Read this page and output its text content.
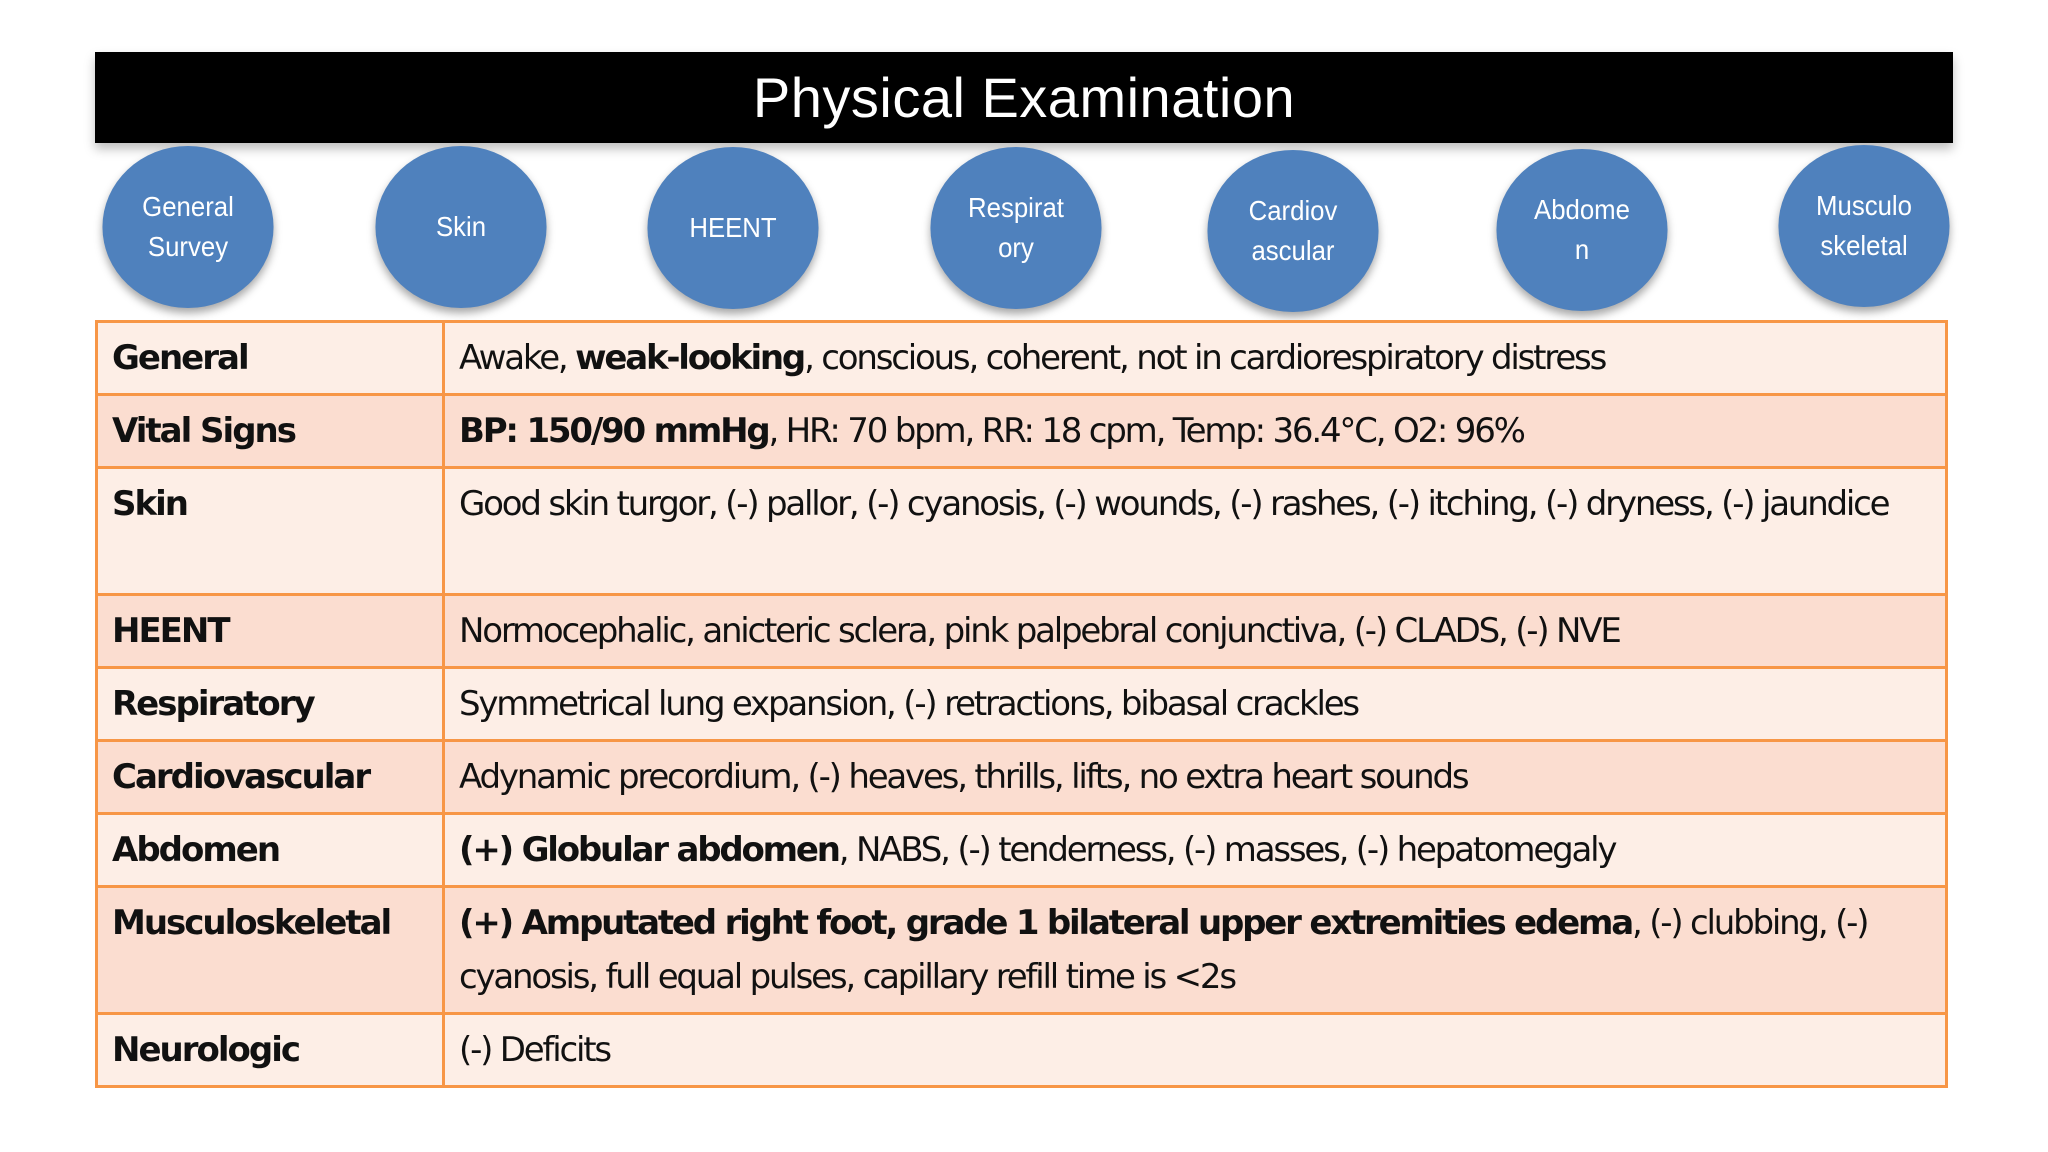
Physical Examination
General
Survey
Skin	HEENT
Respirat
ory
Cardiov
ascular
Abdome
n
Musculo
skeletal
General	Awake, weak-looking, conscious, coherent, not in cardiorespiratory distress
Vital Signs	BP: 150/90 mmHg, HR: 70 bpm, RR: 18 cpm, Temp: 36.4°C, O2: 96%
Skin	Good skin turgor, (-) pallor, (-) cyanosis, (-) wounds, (-) rashes, (-) itching, (-) dryness, (-) jaundice
HEENT	Normocephalic, anicteric sclera, pink palpebral conjunctiva, (-) CLADS, (-) NVE
Respiratory	Symmetrical lung expansion, (-) retractions, bibasal crackles
Cardiovascular	Adynamic precordium, (-) heaves, thrills, lifts, no extra heart sounds
Abdomen	(+) Globular abdomen, NABS, (-) tenderness, (-) masses, (-) hepatomegaly
Musculoskeletal	(+) Amputated right foot, grade 1 bilateral upper extremities edema, (-) clubbing, (-) cyanosis, full equal pulses, capillary refill time is <2s
Neurologic	(-) Deficits
